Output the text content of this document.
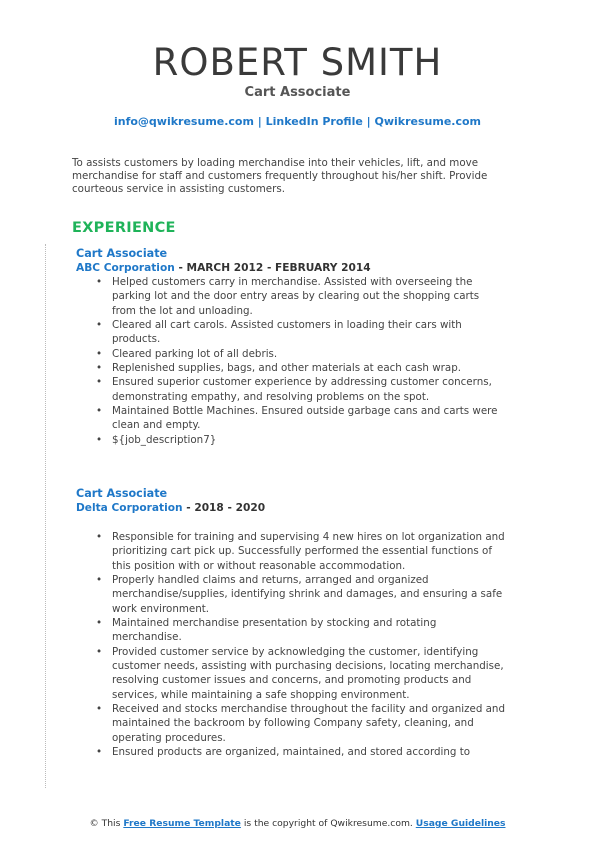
ROBERT SMITH
Cart Associate
info@qwikresume.com | LinkedIn Profile | Qwikresume.com
To assists customers by loading merchandise into their vehicles, lift, and move merchandise for staff and customers frequently throughout his/her shift. Provide courteous service in assisting customers.
EXPERIENCE
Cart Associate
ABC Corporation - MARCH 2012 - FEBRUARY 2014
• Helped customers carry in merchandise. Assisted with overseeing the parking lot and the door entry areas by clearing out the shopping carts from the lot and unloading.
• Cleared all cart carols. Assisted customers in loading their cars with products.
• Cleared parking lot of all debris.
• Replenished supplies, bags, and other materials at each cash wrap.
• Ensured superior customer experience by addressing customer concerns, demonstrating empathy, and resolving problems on the spot.
• Maintained Bottle Machines. Ensured outside garbage cans and carts were clean and empty.
• ${job_description7}
Cart Associate
Delta Corporation - 2018 - 2020
• Responsible for training and supervising 4 new hires on lot organization and prioritizing cart pick up. Successfully performed the essential functions of this position with or without reasonable accommodation.
• Properly handled claims and returns, arranged and organized merchandise/supplies, identifying shrink and damages, and ensuring a safe work environment.
• Maintained merchandise presentation by stocking and rotating merchandise.
• Provided customer service by acknowledging the customer, identifying customer needs, assisting with purchasing decisions, locating merchandise, resolving customer issues and concerns, and promoting products and services, while maintaining a safe shopping environment.
• Received and stocks merchandise throughout the facility and organized and maintained the backroom by following Company safety, cleaning, and operating procedures.
• Ensured products are organized, maintained, and stored according to
© This Free Resume Template is the copyright of Qwikresume.com. Usage Guidelines
